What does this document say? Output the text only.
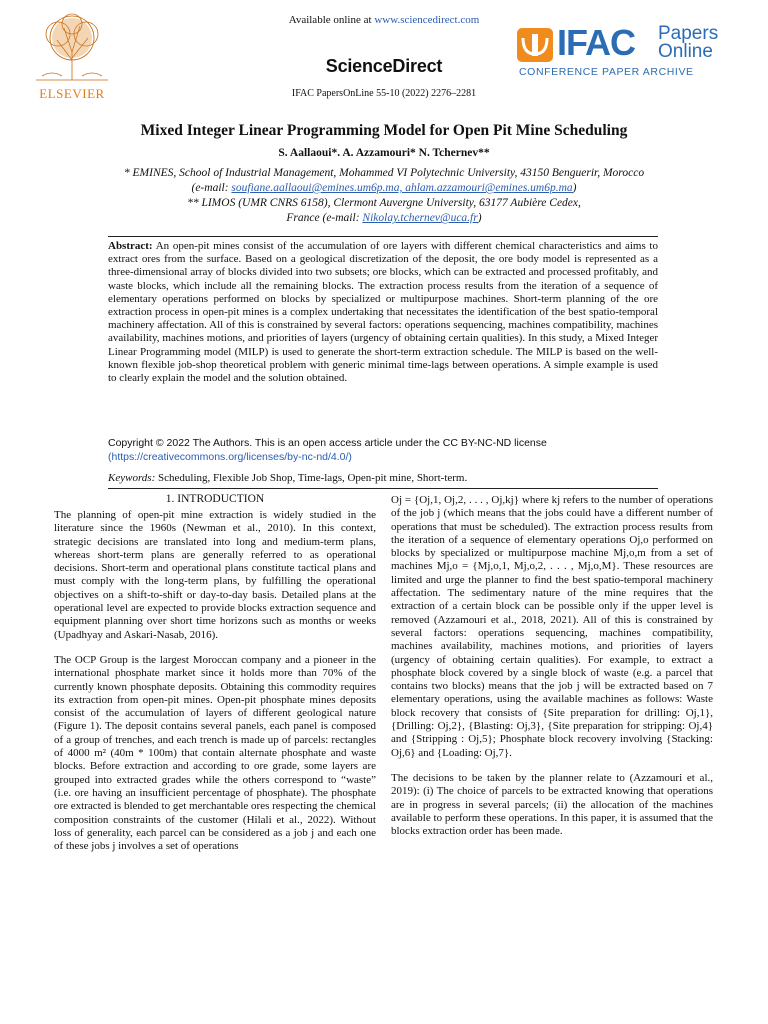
ELSEVIER
Available online at www.sciencedirect.com
ScienceDirect
IFAC PapersOnLine 55-10 (2022) 2276–2281
IFAC Papers
Online
CONFERENCE PAPER ARCHIVE
Mixed Integer Linear Programming Model for Open Pit Mine Scheduling
S. Aallaoui*. A. Azzamouri* N. Tchernev**
* EMINES, School of Industrial Management, Mohammed VI Polytechnic University, 43150 Benguerir, Morocco
(e-mail: soufiane.aallaoui@emines.um6p.ma, ahlam.azzamouri@emines.um6p.ma)
** LIMOS (UMR CNRS 6158), Clermont Auvergne University, 63177 Aubière Cedex,
France (e-mail: Nikolay.tchernev@uca.fr)
Abstract: An open-pit mines consist of the accumulation of ore layers with different chemical characteristics and aims to extract ores from the surface. Based on a geological discretization of the deposit, the ore body model is represented as a three-dimensional array of blocks divided into two subsets; ore blocks, which can be extracted and processed profitably, and waste blocks, which include all the remaining blocks. The extraction process results from the iteration of a sequence of elementary operations performed on blocks by specialized or multipurpose machines. Short-term planning of the ore extraction process in open-pit mines is a complex undertaking that necessitates the identification of the best spatio-temporal machinery affectation. All of this is constrained by several factors: operations sequencing, machines compatibility, machines availability, machines motions, and priorities of layers (urgency of obtaining certain qualities). In this study, a Mixed Integer Linear Programming model (MILP) is used to generate the short-term extraction schedule. The MILP is based on the well-known flexible job-shop theoretical problem with generic minimal time-lags between operations. A simple example is used to clearly explain the model and the solution obtained.
Copyright © 2022 The Authors. This is an open access article under the CC BY-NC-ND license
(https://creativecommons.org/licenses/by-nc-nd/4.0/)
Keywords: Scheduling, Flexible Job Shop, Time-lags, Open-pit mine, Short-term.

The planning of open-pit mine extraction is widely studied in the literature since the 1960s (Newman et al., 2010). In this context, strategic decisions are translated into long and medium-term plans, whereas short-term plans are generally referred to as operational decisions. Short-term and operational plans constitute tactical plans and must comply with the long-term plans, by fulfilling the operational objectives on a shift-to-shift or day-to-day basis. Detailed plans at the operational level are expected to provide blocks extraction sequence and equipment planning over short time horizons such as months or weeks (Upadhyay and Askari-Nasab, 2016).

The OCP Group is the largest Moroccan company and a pioneer in the international phosphate market since it holds more than 70% of the currently known phosphate deposits. Obtaining this commodity requires its extraction from open-pit mines. Open-pit phosphate mines deposits consist of the accumulation of layers of different geological nature (Figure 1). The deposit contains several panels, each panel is composed of a group of trenches, and each trench is made up of parcels: rectangles of 4000 m² (40m * 100m) that contain alternate phosphate and waste blocks. Before extraction and according to ore grade, some layers are grouped into extracted grades while the others correspond to “waste” (i.e. ore having an insufficient percentage of phosphate). The phosphate ore extracted is blended to get merchantable ores respecting the chemical composition constraints of the customer (Hilali et al., 2022). Without loss of generality, each parcel can be considered as a job j and each one of these jobs j involves a set of operations

1. INTRODUCTION	Oj = {Oj,1, Oj,2, . . . , Oj,kj} where kj refers to the number of operations of the job j (which means that the jobs could have a different number of operations that must be scheduled). The extraction process results from the iteration of a sequence of elementary operations Oj,o performed on blocks by specialized or multipurpose machine Mj,o,m from a set of machines Mj,o = {Mj,o,1, Mj,o,2, . . . , Mj,o,M}. These resources are limited and urge the planner to find the best spatio-temporal machinery affectation. The sedimentary nature of the mine requires that the extraction of a certain block can be possible only if the upper level is removed (Azzamouri et al., 2018, 2021). All of this is constrained by several factors: operations sequencing, machines compatibility, machines availability, machines motions, and priorities of layers (urgency of obtaining certain qualities). For example, to extract a phosphate block covered by a single block of waste (e.g. a parcel that contains two blocks) means that the job j will be extracted based on 7 elementary operations, using the available machines as follows: Waste block recovery that consists of {Site preparation for drilling: Oj,1}, {Drilling: Oj,2}, {Blasting: Oj,3}, {Site preparation for stripping: Oj,4} and {Stripping : Oj,5}; Phosphate block recovery involving {Stacking: Oj,6} and {Loading: Oj,7}.

The decisions to be taken by the planner relate to (Azzamouri et al., 2019): (i) The choice of parcels to be extracted knowing that operations are in progress in several parcels; (ii) the allocation of the machines available to perform these operations. In this paper, it is assumed that the blocks extraction order has been made.
